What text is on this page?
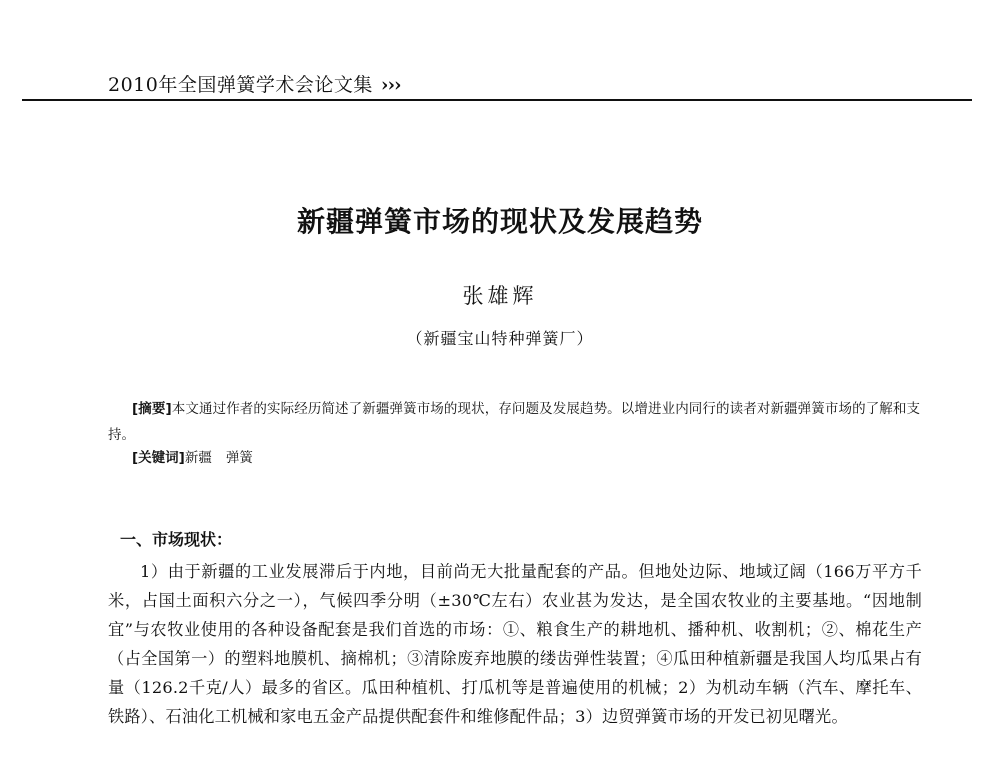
2010年全国弹簧学术会论文集 ›››
新疆弹簧市场的现状及发展趋势
张雄辉
（新疆宝山特种弹簧厂）
[摘要]本文通过作者的实际经历简述了新疆弹簧市场的现状，存问题及发展趋势。以增进业内同行的读者对新疆弹簧市场的了解和支持。
[关键词]新疆 弹簧
一、市场现状：
1）由于新疆的工业发展滞后于内地，目前尚无大批量配套的产品。但地处边际、地域辽阔（166万平方千米，占国土面积六分之一），气候四季分明（±30℃左右）农业甚为发达，是全国农牧业的主要基地。“因地制宜”与农牧业使用的各种设备配套是我们首选的市场：①、粮食生产的耕地机、播种机、收割机；②、棉花生产（占全国第一）的塑料地膜机、摘棉机；③清除废弃地膜的缕齿弹性装置；④瓜田种植新疆是我国人均瓜果占有量（126.2千克/人）最多的省区。瓜田种植机、打瓜机等是普遍使用的机械；2）为机动车辆（汽车、摩托车、铁路）、石油化工机械和家电五金产品提供配套件和维修配件品；3）边贸弹簧市场的开发已初见曙光。
